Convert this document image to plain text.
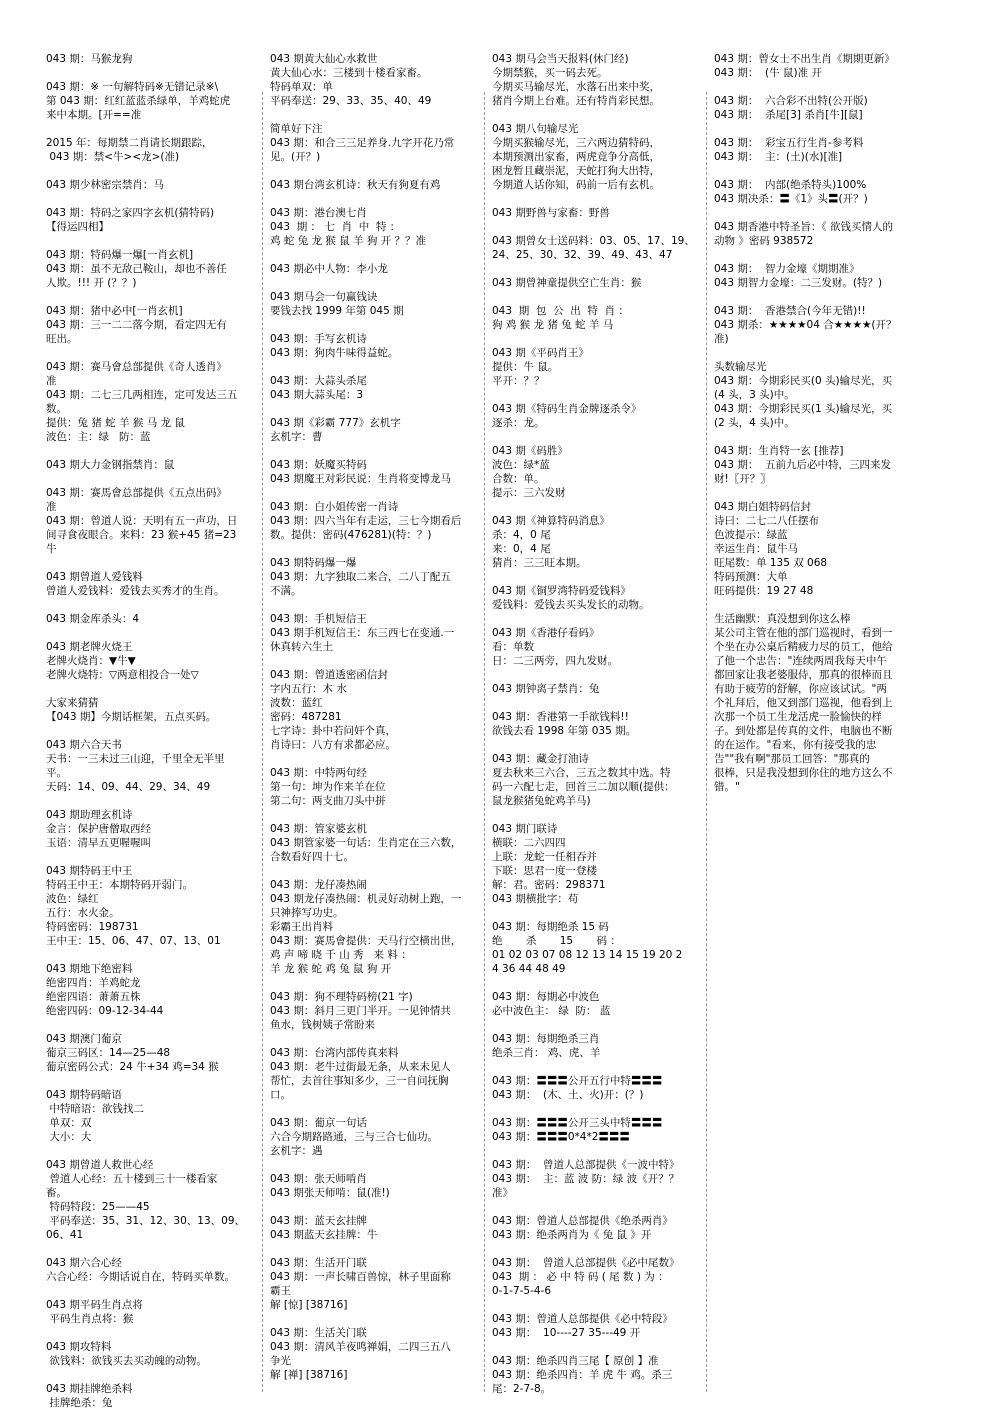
043 期：马猴龙狗
043 期：※ 一句解特码※无错记录※\
第 043 期：红红蓝蓝杀绿单，羊鸡蛇虎
来中本期。[开==准
2015 年：每期禁二肖请长期跟踪，
043 期：禁<牛><龙>(准)
043 期少林密宗禁肖：马
043 期：特码之家四字玄机(猜特码)
【得运四相】
043 期：特码爆一爆[一肖玄机]
043 期：虽不无敌己鞍山，却也不善任
人欺。!!! 开 (？？)
043 期：猪中必中[一肖玄机]
043 期：三一二二落今期，看定四无有
旺出。
043 期：赛马會总部提供《奇人透肖》
准
043 期：二七三几两相连，定可发达三五
数。
提供：兔 猪 蛇 羊 猴 马 龙 鼠
波色：主：绿   防：蓝
043 期大力金钢指禁肖：鼠
043 期：赛馬會总部提供《五点出码》
准
043 期：曾道人说：天明有五一声功，日
间寻食夜眼合。来料：23 猴+45 猪=23
牛
043 期曾道人爱钱料
曾道人爱钱料：爱钱去买秀才的生肖。
043 期金库杀头：4
043 期老牌火烧王
老牌火烧肖：▼牛▼
老牌火烧特：▽两意相投合一处▽
大家来猜猜
【043 期】今期话框架，五点买码。
043 期六合天书
天书：一三未过三山迎，千里全无半里
平。
天码：14、09、44、29、34、49
043 期助理玄机诗
金言：保护唐僧取西经
玉语：清早五更喔喔叫
043 期特码王中王
特码王中王：本期特码开弱门。
波色：绿红
五行：水火金。
特码密码：198731
王中王：15、06、47、07、13、01
043 期地下绝密料
绝密四肖：羊鸡蛇龙
绝密四语：萧萧五株
绝密四码：09-12-34-44
043 期澳门葡京
葡京三码区：14—25—48
葡京密码公式：24 牛+34 鸡=34 猴
043 期特码暗语
中特暗语：欲钱找二
单双：双
大小：大
043 期曾道人救世心经
曾道人心经：五十楼到三十一楼看家
畜。
特码特段：25——45
平码奉送：35、31、12、30、13、09、
06、41
043 期六合心经
六合心经：今期话说自在，特码买单数。
043 期平码生肖点将
平码生肖点将：猴
043 期攻特料
欲钱料：欲钱买去买动魄的动物。
043 期挂牌绝杀料
挂牌绝杀：兔
043 期黄大仙心水救世
黄大仙心水：三楼到十楼看家畜。
特码单双：单
平码奉送：29、33、35、40、49
简单好下注
043 期：和合三三足养身.九字开花乃常
见。(开？)
043 期台湾玄机诗：秋天有狗夏有鸡
043 期：港台澳七肖
043  期 ： 七  肖  中  特 ：
鸡 蛇 兔 龙 猴 鼠 羊 狗 开 ？？准
043 期必中人物：李小龙
043 期马会一句赢钱诀
要钱去找 1999 年第 045 期
043 期：手写玄机诗
043 期：狗肉牛味得益蛇。
043 期：大蒜头杀尾
043 期大蒜头尾：3
043 期《彩霸 777》玄机字
玄机字：曹
043 期：妖魔买特码
043 期魔王对彩民说：生肖将变博龙马
043 期：白小姐传密一肖诗
043 期：四六当年有走运，三七今期看后
数。提供：密码(476281)(特：？)
043 期特码爆一爆
043 期：九字独取二来合，二八丁配五
不满。
043 期：手机短信王
043 期手机短信王：东三西七在变通.一
休真转六生土
043 期：曾道透密函信封
字内五行：木 水
波数：蓝红
密码：487281
七字诗：卦中若问奸个真，
肖诗曰：八方有求都必应。
043 期：中特两句经
第一句：坤为作来羊在位
第二句：两支曲刀头中拼
043 期：管家婆玄机
043 期管家婆一句话：生肖定在三六数，
合数看好四十七。
043 期：龙仔凑热闹
043 期龙仔凑热闹：机灵好动树上跑，一
只神捧写功史。
彩霸王出肖料
043 期：赛馬會提供：天马行空横出世，
鸡 声 啼 晓 千 山 秀   来 料 ：
羊 龙 猴 蛇 鸡 兔 鼠 狗 开
043 期：狗不理特码榜(21 字)
043 期：斜月三更门半开。一见钟情共
鱼水，钱树姨子常盼来
043 期：台湾内部传真来料
043 期：老牛过街最无条，从来未见人
帮忙，去首往事知多少，三一自问抚胸
口。
043 期：葡京一句话
六合今期路路通，三与三合七仙功。
玄机字：遇
043 期：张天师啃肖
043 期张天师啃：鼠(准!)
043 期：蓝天玄挂牌
043 期蓝天玄挂牌：牛
043 期：生活开门联
043 期：一声长啸百兽惊，林子里面称
霸王
解 [惊] [38716]
043 期：生活关门联
043 期：清风羊夜鸣禅娟，二四三五八
争光
解 [禅] [38716]
043 期马会当天报料(休门经)
今期禁猴，买一码去死。
今期买马输尽光，水落石出来中奖，
猪肖今期上台难。还有特肖彩民想。
043 期八句输尽光
今期买猴输尽光，三六两边猜特码，
本期预测出家畜，两虎竟争分高低，
困龙暂且藏崇泥，天蛇打狗大出特，
今期道人话你知，码前一后有玄机。
043 期野兽与家畜：野兽
043 期曾女士送码料：03、05、17、19、
24、25、30、32、39、49、43、47
043 期曾神童提供空亡生肖：猴
043  期  包  公  出  特  肖 ：
狗 鸡 猴 龙 猪 兔 蛇 羊 马
043 期《平码肖王》
提供：牛 鼠。
平开：？？
043 期《特码生肖金牌逐杀令》
逐杀：龙。
043 期《码胜》
波色：绿*蓝
合数：单。
提示：三六发财
043 期《神算特码消息》
杀：4，0 尾
来：0，4 尾
猜肖：三三旺本期。
043 期《铜罗湾特码爱钱料》
爱钱料：爱钱去买头发长的动物。
043 期《香港仔看码》
看：单数
日：二三两旁，四九发财。
043 期钟离子禁肖：兔
043 期：香港第一手欲钱料!!
欲钱去看 1998 年第 035 期。
043 期：藏金打油诗
夏去秋来三六合，三五之数其中选。特
码一六配七走，回首三二加以顺(提供：
鼠龙猴猪兔蛇鸡羊马)
043 期门联诗
横联：二六四四
上联：龙蛇一任相吞并
下联：思君一度一登楼
解：君。密码：298371
043 期横批字：苟
043 期：每期绝杀 15 码
绝       杀       15       码 ：
01 02 03 07 08 12 13 14 15 19 20 2
4 36 44 48 49
043 期：每期必中波色
必中波色主： 绿  防： 蓝
043 期：每期绝杀三肖
绝杀三肖： 鸡、虎、羊
043 期：〓〓〓公开五行中特〓〓〓
043 期：  (木、土、火)开：(？)
043 期：〓〓〓公开三头中特〓〓〓
043 期：〓〓〓0*4*2〓〓〓
043 期：  曾道人总部提供《一波中特》
043 期：  主：蓝 波 防：绿 波《开？？
准》
043 期：曾道人总部提供《绝杀两肖》
043 期：绝杀两肖为《 兔 鼠 》开
043 期：  曾道人总部提供《必中尾数》
043  期 ： 必 中 特 码 ( 尾 数 ) 为 ：
0-1-7-5-4-6
043 期：曾道人总部提供《必中特段》
043 期：  10----27 35---49 开
043 期：绝杀四肖三尾【 原创 】准
043 期：绝杀四肖：羊 虎 牛 鸡。杀三
尾：2-7-8。
043 期：曾女士不出生肖《期期更新》
043 期：  (牛 鼠)准 开
043 期：  六合彩不出特(公开版)
043 期：  杀尾[3] 杀肖[牛][鼠]
043 期：  彩宝五行生肖-参考料
043 期：  主：(土)(水)[准]
043 期：  内部(绝杀特头)100%
043 期决杀：〓《1》头〓(开？)
043 期香港中特圣旨：《 欲钱买情人的
动物 》密码 938572
043 期：  智力金壕《期期准》
043 期智力金壕：二三发财。(特？)
043 期：  香港禁合(今年无错)!!
043 期杀：★★★★04 合★★★★(开？
准)
头数输尽光
043 期：今期彩民买(0 头)输尽光，买
(4 头，3 头)中。
043 期：今期彩民买(1 头)输尽光，买
(2 头，4 头)中。
043 期：生肖特一玄 [推荐]
043 期：  五前九后必中特，三四来发
财!〖开？〗
043 期白姐特码信封
诗曰：二七二八任摆布
色波提示：绿蓝
幸运生肖：鼠牛马
旺尾数：单 135 双 068
特码预测：大单
旺码提供：19 27 48
生活幽默：真没想到你这么棒
某公司主管在他的部门巡视时，看到一
个坐在办公桌后精疲力尽的员工，他给
了他一个忠告："连续两周我每天中午
都回家让我老婆服侍，那真的很棒而且
有助于疲劳的舒解，你应该试试。"两
个礼拜后，他又到部门巡视，他看到上
次那一个员工生龙活虎一脸愉快的样
子。到处都是传真的文件，电脑也不断
的在运作。"看来，你有接受我的忠
告""我有啊"那员工回答："那真的
很棒，只是我没想到你住的地方这么不
错。"
